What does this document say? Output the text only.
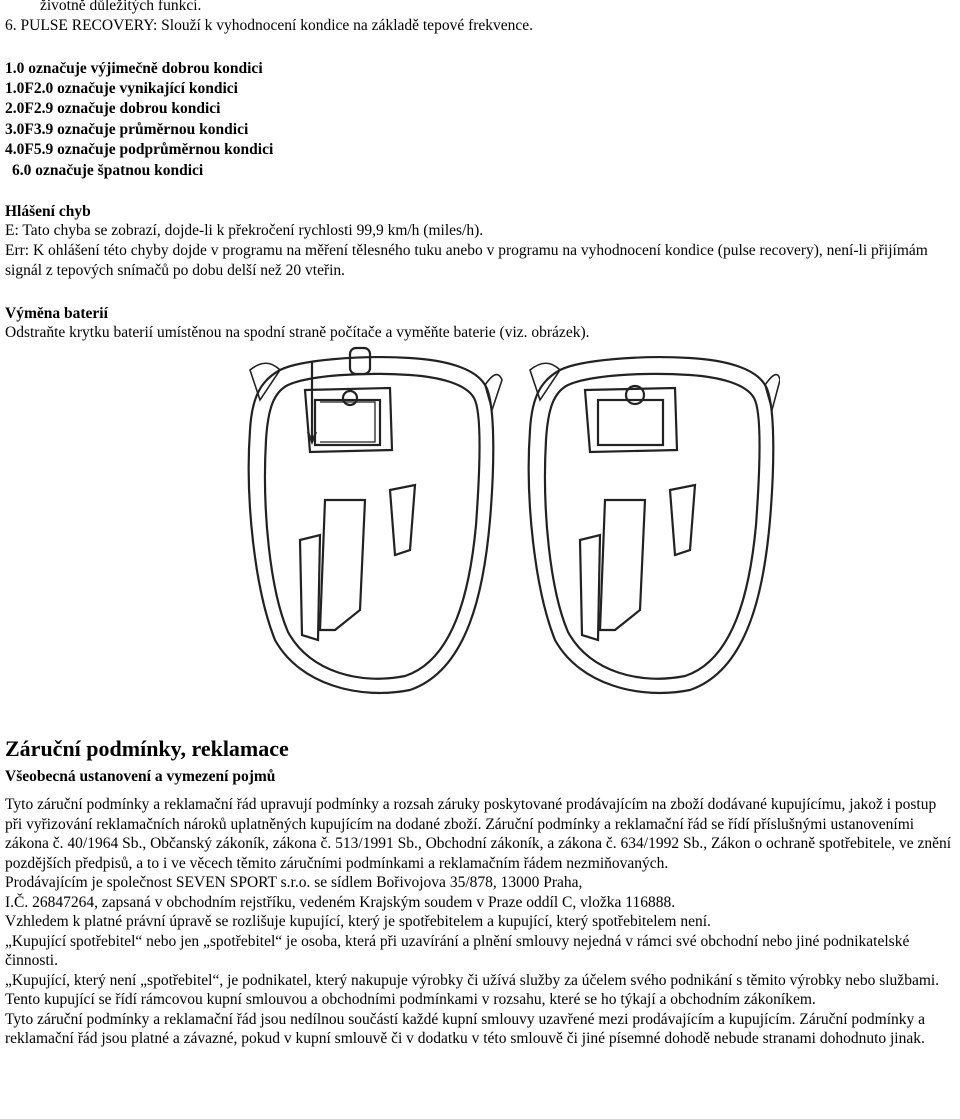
životně důležitých funkcí.
6. PULSE RECOVERY: Slouží k vyhodnocení kondice na základě tepové frekvence.
1.0 označuje výjimečně dobrou kondici
1.0F2.0 označuje vynikající kondici
2.0F2.9 označuje dobrou kondici
3.0F3.9 označuje průměrnou kondici
4.0F5.9 označuje podprůměrnou kondici
6.0 označuje špatnou kondici
Hlášení chyb
E: Tato chyba se zobrazí, dojde-li k překročení rychlosti 99,9 km/h (miles/h).

Err: K ohlášení této chyby dojde v programu na měření tělesného tuku anebo v programu na vyhodnocení kondice (pulse recovery), není-li přijímám signál z tepových snímačů po dobu delší než 20 vteřin.

Výměna baterií
Odstraňte krytku baterií umístěnou na spodní straně počítače a vyměňte baterie (viz. obrázek).
Záruční podmínky, reklamace
Všeobecná ustanovení a vymezení pojmů

Tyto záruční podmínky a reklamační řád upravují podmínky a rozsah záruky poskytované prodávajícím na zboží dodávané kupujícímu, jakož i postup při vyřizování reklamačních nároků uplatněných kupujícím na dodané zboží. Záruční podmínky a reklamační řád se řídí příslušnými ustanoveními zákona č. 40/1964 Sb., Občanský zákoník, zákona č. 513/1991 Sb., Obchodní zákoník, a zákona č. 634/1992 Sb., Zákon o ochraně spotřebitele, ve znění pozdějších předpisů, a to i ve věcech těmito záručními podmínkami a reklamačním řádem nezmiňovaných.

Prodávajícím je společnost SEVEN SPORT s.r.o. se sídlem Bořivojova 35/878, 13000 Praha,

I.Č. 26847264, zapsaná v obchodním rejstříku, vedeném Krajským soudem v Praze oddíl C, vložka 116888.

Vzhledem k platné právní úpravě se rozlišuje kupující, který je spotřebitelem a kupující, který spotřebitelem není.

„Kupující spotřebitel“ nebo jen „spotřebitel“ je osoba, která při uzavírání a plnění smlouvy nejedná v rámci své obchodní nebo jiné podnikatelské činnosti.

„Kupující, který není „spotřebitel“, je podnikatel, který nakupuje výrobky či užívá služby za účelem svého podnikání s těmito výrobky nebo službami. Tento kupující se řídí rámcovou kupní smlouvou a obchodními podmínkami v rozsahu, které se ho týkají a obchodním zákoníkem.

Tyto záruční podmínky a reklamační řád jsou nedílnou součástí každé kupní smlouvy uzavřené mezi prodávajícím a kupujícím. Záruční podmínky a reklamační řád jsou platné a závazné, pokud v kupní smlouvě či v dodatku v této smlouvě či jiné písemné dohodě nebude stranami dohodnuto jinak.
